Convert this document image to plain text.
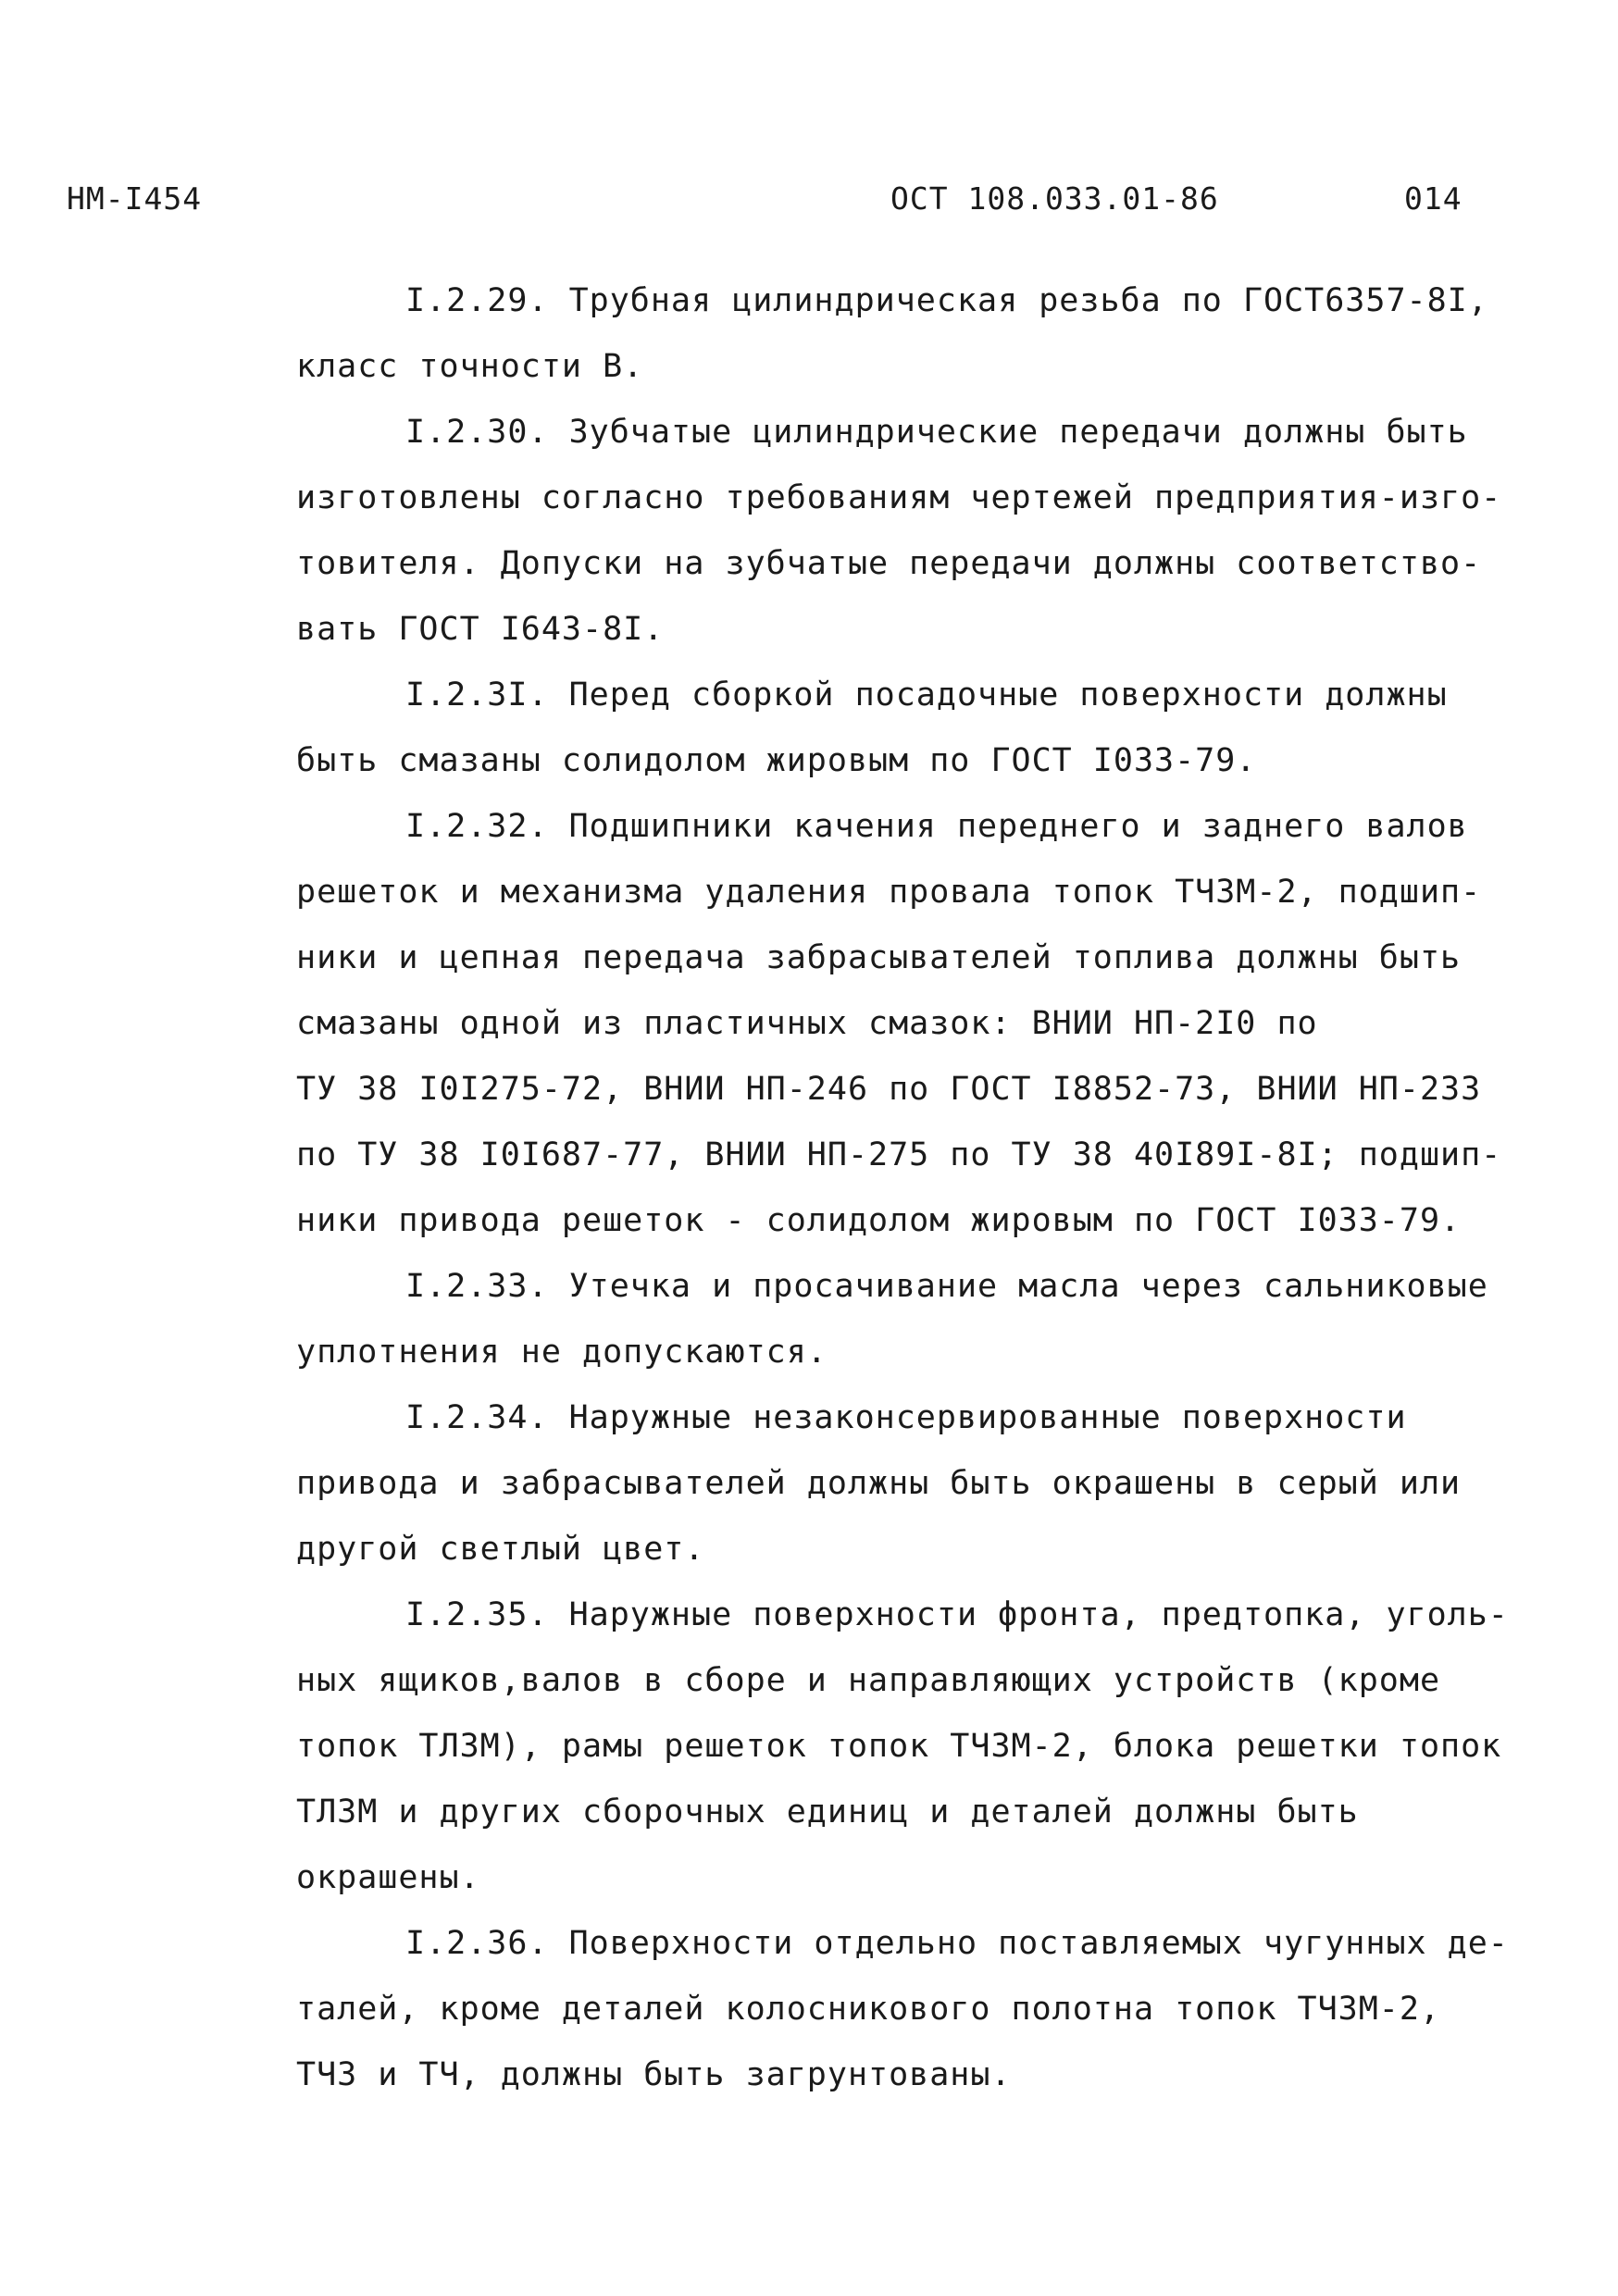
НМ-I454	ОСТ 108.033.01-86	014
I.2.29. Трубная цилиндрическая резьба по ГОСТ6357-8I,
класс точности В.
I.2.30. Зубчатые цилиндрические передачи должны быть
изготовлены согласно требованиям чертежей предприятия-изго-
товителя. Допуски на зубчатые передачи должны соответство-
вать ГОСТ I643-8I.
I.2.3I. Перед сборкой посадочные поверхности должны
быть смазаны солидолом жировым по ГОСТ I033-79.
I.2.32. Подшипники качения переднего и заднего валов
решеток и механизма удаления провала топок ТЧЗМ-2, подшип-
ники и цепная передача забрасывателей топлива должны быть
смазаны одной из пластичных смазок: ВНИИ НП-2I0 по
ТУ 38 I0I275-72, ВНИИ НП-246 по ГОСТ I8852-73, ВНИИ НП-233
по ТУ 38 I0I687-77, ВНИИ НП-275 по ТУ 38 40I89I-8I; подшип-
ники привода решеток - солидолом жировым по ГОСТ I033-79.
I.2.33. Утечка и просачивание масла через сальниковые
уплотнения не допускаются.
I.2.34. Наружные незаконсервированные поверхности
привода и забрасывателей должны быть окрашены в серый или
другой светлый цвет.
I.2.35. Наружные поверхности фронта, предтопка, уголь-
ных ящиков,валов в сборе и направляющих устройств (кроме
топок ТЛЗМ), рамы решеток топок ТЧЗМ-2, блока решетки топок
ТЛЗМ и других сборочных единиц и деталей должны быть
окрашены.
I.2.36. Поверхности отдельно поставляемых чугунных де-
талей, кроме деталей колосникового полотна топок ТЧЗМ-2,
ТЧЗ и ТЧ, должны быть загрунтованы.
